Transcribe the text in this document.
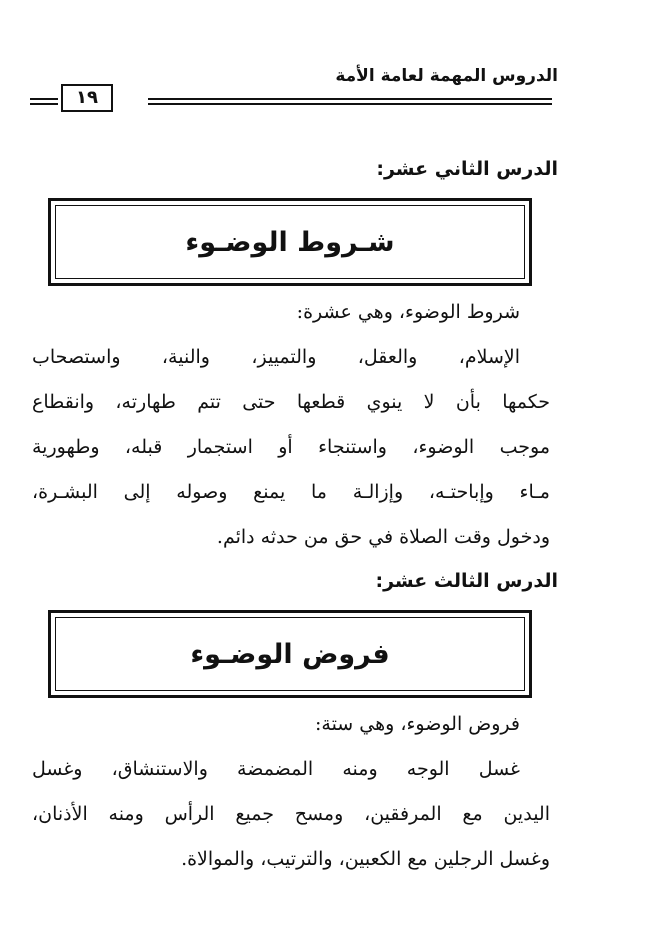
الدروس المهمة لعامة الأمة
١٩
الدرس الثاني عشر:
شـروط الوضـوء
شروط الوضوء، وهي عشرة:
الإسلام، والعقل، والتمييز، والنية، واستصحاب
حكمها بأن لا ينوي قطعها حتى تتم طهارته، وانقطاع
موجب الوضوء، واستنجاء أو استجمار قبله، وطهورية
مـاء وإباحتـه، وإزالـة ما يمنع وصوله إلى البشـرة،
ودخول وقت الصلاة في حق من حدثه دائم.
الدرس الثالث عشر:
فروض الوضـوء
فروض الوضوء، وهي ستة:
غسل الوجه ومنه المضمضة والاستنشاق، وغسل
اليدين مع المرفقين، ومسح جميع الرأس ومنه الأذنان،
وغسل الرجلين مع الكعبين، والترتيب، والموالاة.
